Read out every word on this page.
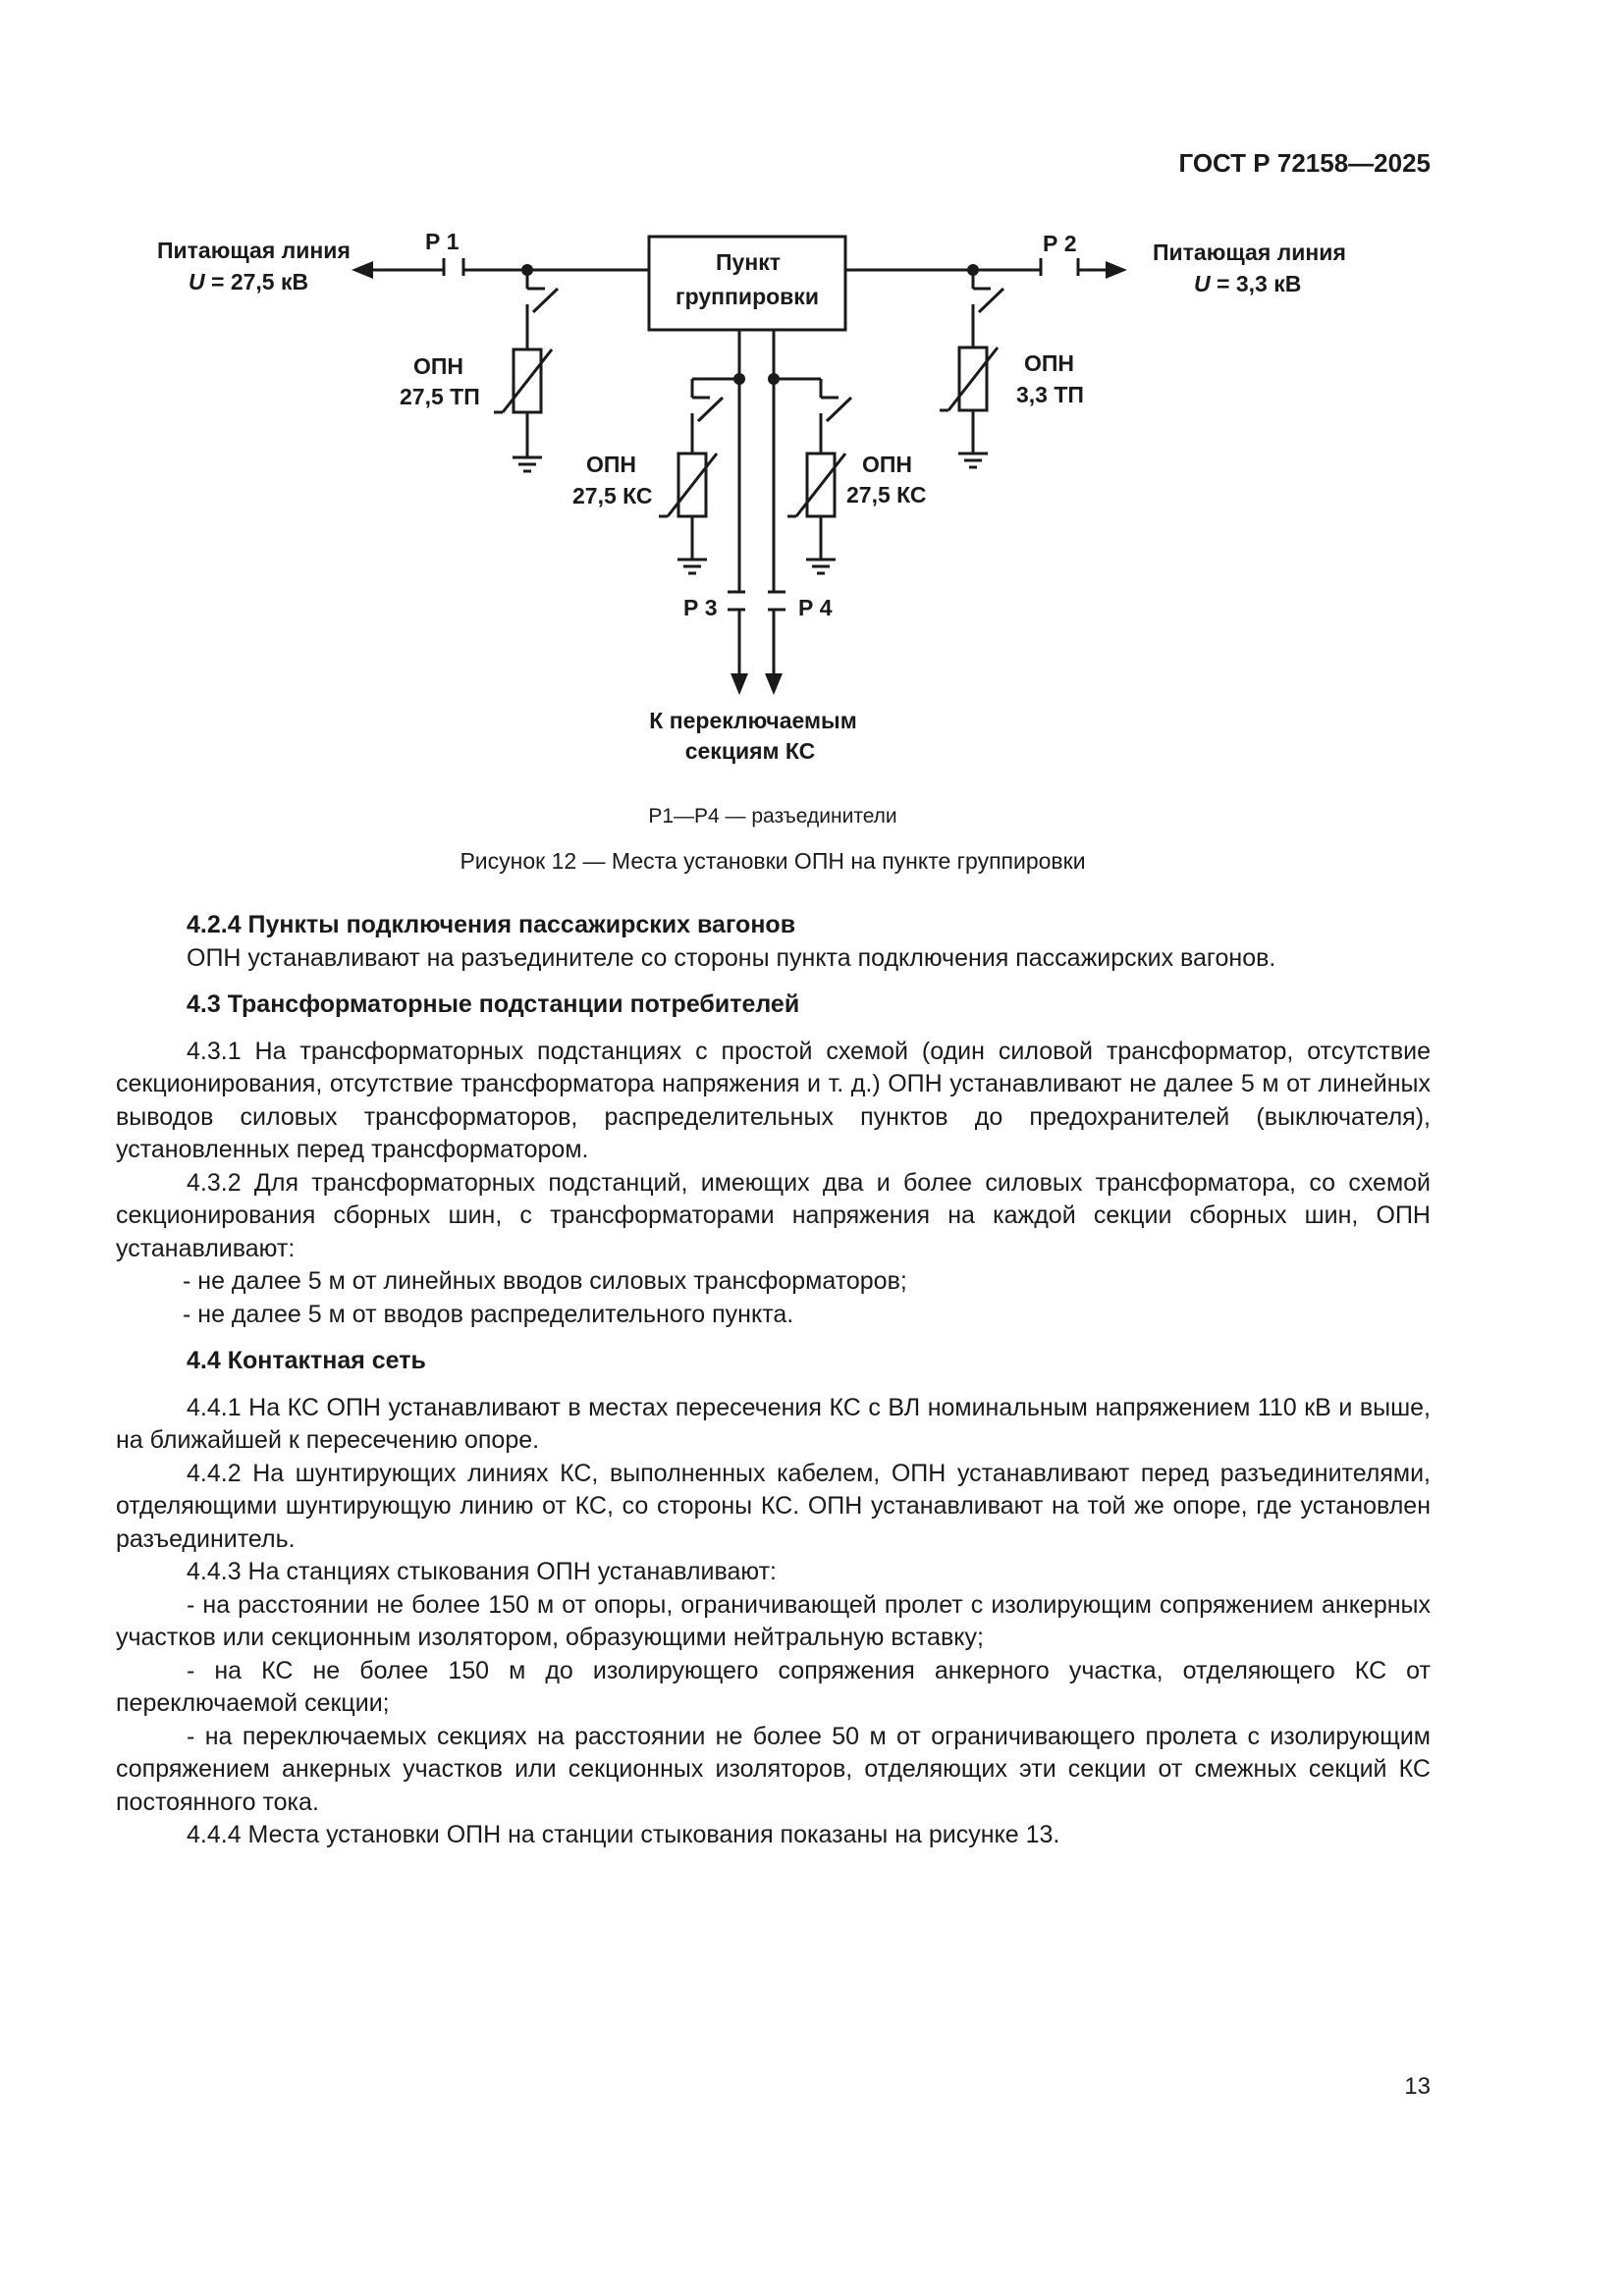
ГОСТ Р 72158—2025
Питающая линия
U = 27,5 кВ
Питающая линия
U = 3,3 кВ
Р 1	Р 2
Р 3	Р 4
Пункт
группировки
ОПН
27,5 ТП
ОПН
3,3 ТП
ОПН
27,5 КС
ОПН
27,5 КС
К переключаемым
секциям КС
Р1—Р4 — разъединители
Рисунок 12 — Места установки ОПН на пункте группировки

4.2.4 Пункты подключения пассажирских вагонов

ОПН устанавливают на разъединителе со стороны пункта подключения пассажирских вагонов.

4.3 Трансформаторные подстанции потребителей

4.3.1 На трансформаторных подстанциях с простой схемой (один силовой трансформатор, отсутствие секционирования, отсутствие трансформатора напряжения и т. д.) ОПН устанавливают не далее 5 м от линейных выводов силовых трансформаторов, распределительных пунктов до предохранителей (выключателя), установленных перед трансформатором.

4.3.2 Для трансформаторных подстанций, имеющих два и более силовых трансформатора, со схемой секционирования сборных шин, с трансформаторами напряжения на каждой секции сборных шин, ОПН устанавливают:

- не далее 5 м от линейных вводов силовых трансформаторов;

- не далее 5 м от вводов распределительного пункта.

4.4 Контактная сеть

4.4.1 На КС ОПН устанавливают в местах пересечения КС с ВЛ номинальным напряжением 110 кВ и выше, на ближайшей к пересечению опоре.

4.4.2 На шунтирующих линиях КС, выполненных кабелем, ОПН устанавливают перед разъединителями, отделяющими шунтирующую линию от КС, со стороны КС. ОПН устанавливают на той же опоре, где установлен разъединитель.

4.4.3 На станциях стыкования ОПН устанавливают:

- на расстоянии не более 150 м от опоры, ограничивающей пролет с изолирующим сопряжением анкерных участков или секционным изолятором, образующими нейтральную вставку;

- на КС не более 150 м до изолирующего сопряжения анкерного участка, отделяющего КС от переключаемой секции;

- на переключаемых секциях на расстоянии не более 50 м от ограничивающего пролета с изолирующим сопряжением анкерных участков или секционных изоляторов, отделяющих эти секции от смежных секций КС постоянного тока.

4.4.4 Места установки ОПН на станции стыкования показаны на рисунке 13.

13
